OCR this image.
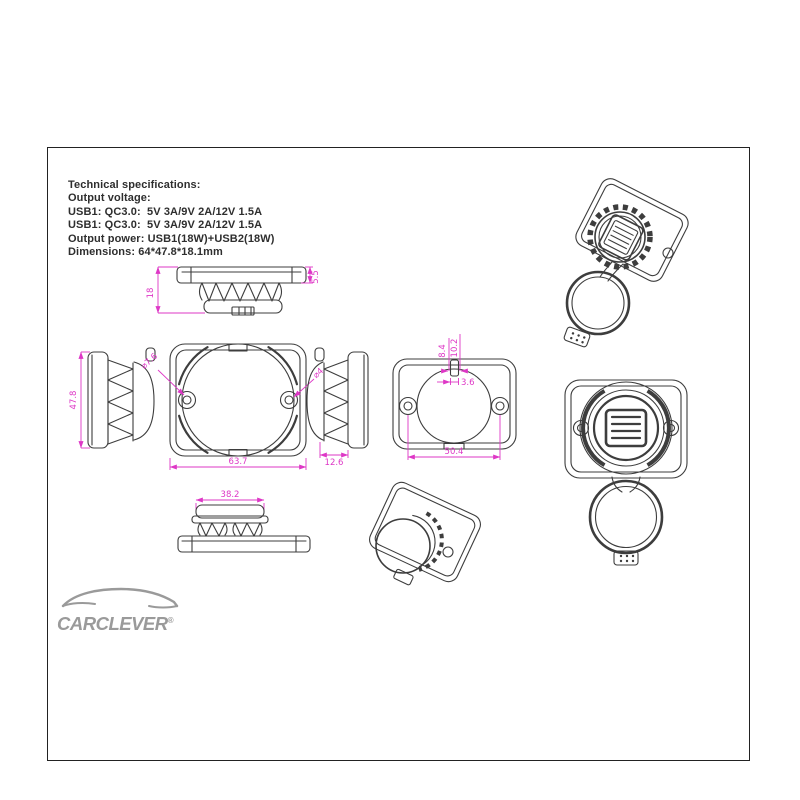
Technical specifications:
Output voltage:
USB1: QC3.0:  5V 3A/9V 2A/12V 1.5A
USB1: QC3.0:  5V 3A/9V 2A/12V 1.5A
Output power: USB1(18W)+USB2(18W)
Dimensions: 64*47.8*18.1mm
18
5.5
47.8
⌀7.6
⌀4
63.7	12.6
8.4 10.2
3.6
50.4
38.2
CARCLEVER®
